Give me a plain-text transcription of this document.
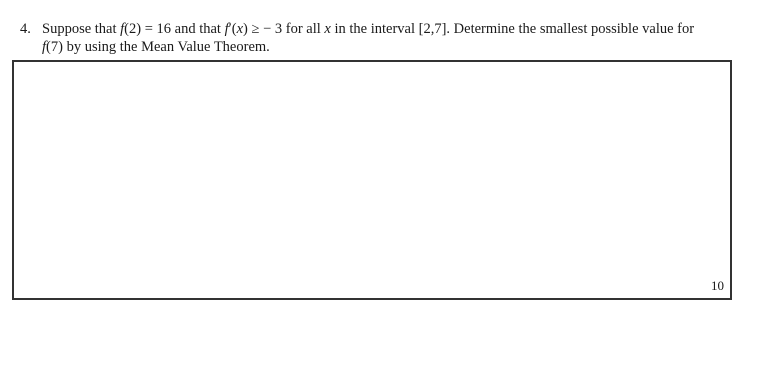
4. Suppose that f(2) = 16 and that f′(x) ≥ − 3 for all x in the interval [2,7]. Determine the smallest possible value for
f(7) by using the Mean Value Theorem.
10
